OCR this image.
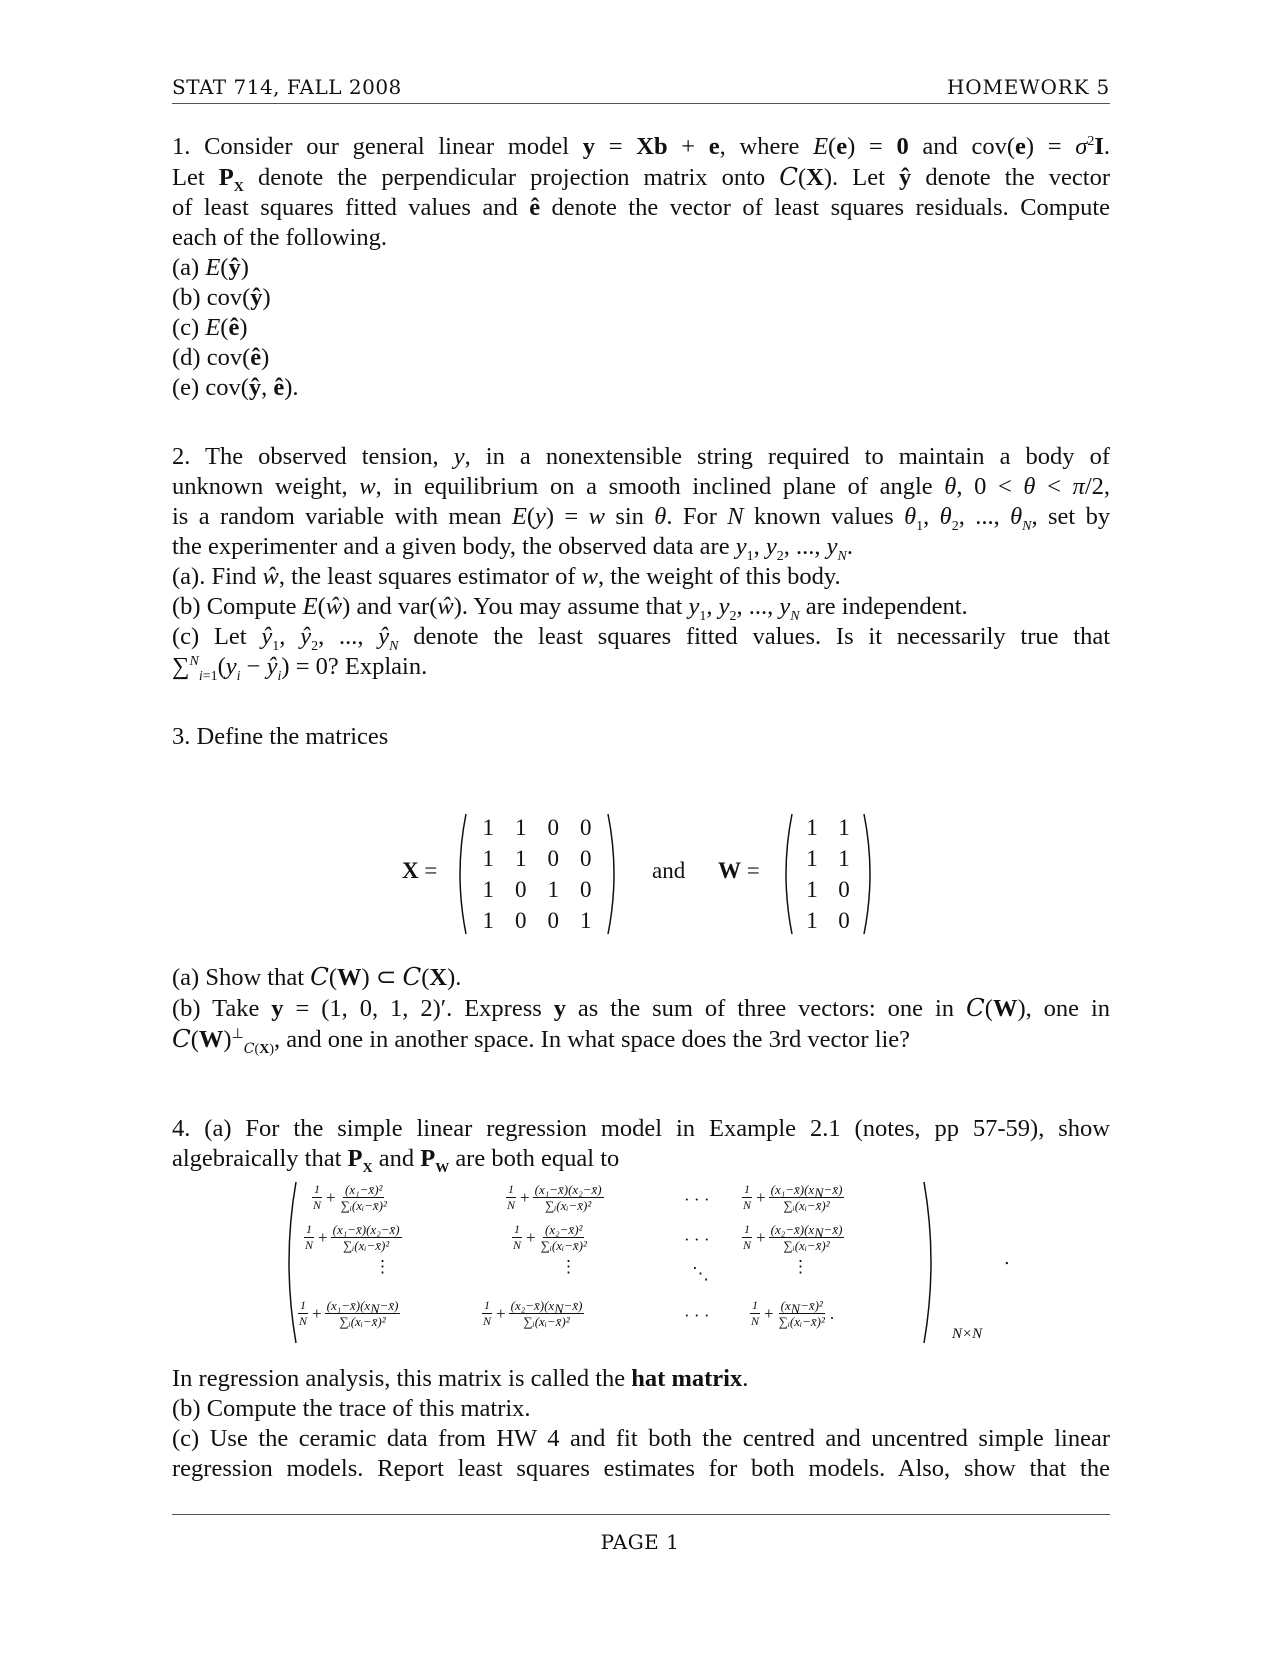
STAT 714, FALL 2008	HOMEWORK 5

1. Consider our general linear model y = Xb + e, where E(e) = 0 and $cov(e) = \sigma^2I$.

Let $P_X$ denote the perpendicular projection matrix onto C(X). Let ŷ denote the vector

of least squares fitted values and ê denote the vector of least squares residuals. Compute

each of the following.

(a) E(ŷ)

(b) cov(ŷ)

(c) E(ê)

(d) cov(ê)

(e) cov(ŷ, ê).

2. The observed tension, y, in a nonextensible string required to maintain a body of

unknown weight, w, in equilibrium on a smooth inclined plane of angle θ, 0 < θ < π/2,

is a random variable with mean E(y) = w sin θ. For N known values $\theta_1$, $\theta_2$, ..., $\theta_N$, set by

the experimenter and a given body, the observed data are $y_1$, $y_2$, ..., $y_N$.

(a). Find ŵ, the least squares estimator of w, the weight of this body.

(b) Compute E(ŵ) and var(ŵ). You may assume that $y_1$, $y_2$, ..., $y_N$ are independent.

(c) Let $ŷ_1$, $ŷ_2$, ..., $ŷ_N$ denote the least squares fitted values. Is it necessarily true that

$\sum^N_{i=1}(y_i$ − $ŷ_i) = 0$? Explain.

3. Define the matrices

X =
1 1 0 0
1 1 0 0
1 0 1 0
1 0 0 1
and W =
1 1
1 1
1 0
1 0

(a) Show that C(W) ⊂ C(X).

(b) Take y = (1, 0, 1, 2)′. Express y as the sum of three vectors: one in C(W), one in

$C(W)^\perp_{C(X)}$, and one in another space. In what space does the 3rd vector lie?

4. (a) For the simple linear regression model in Example 2.1 (notes, pp 57-59), show

algebraically that $P_X$ and $P_W$ are both equal to

$\frac{1}{N} + \frac{\text{(x₁−x̄)²}}{\text{∑ᵢ(xᵢ−x̄)²}}$	$\frac{1}{N} + \frac{\text{(x₁−x̄)(x₂−x̄)}}{\text{∑ᵢ(xᵢ−x̄)²}}$	· · ·	$\frac{1}{N} + \frac{(x_1-x̄)(x_N-x̄)}{\text{∑ᵢ(xᵢ−x̄)²}}$
$\frac{1}{N} + \frac{\text{(x₁−x̄)(x₂−x̄)}}{\text{∑ᵢ(xᵢ−x̄)²}}$	$\frac{1}{N} + \frac{\text{(x₂−x̄)²}}{\text{∑ᵢ(xᵢ−x̄)²}}$	· · ·	$\frac{1}{N} + \frac{(x_2-x̄)(x_N-x̄)}{\text{∑ᵢ(xᵢ−x̄)²}}$
⋮	⋮	⋱	⋮
$\frac{1}{N} + \frac{(x_1-x̄)(x_N-x̄)}{\text{∑ᵢ(xᵢ−x̄)²}}$	$\frac{1}{N} + \frac{(x_2-x̄)(x_N-x̄)}{\text{∑ᵢ(xᵢ−x̄)²}}$	· · ·	$\frac{1}{N} + \frac{(x_N-x̄)^2}{\text{∑ᵢ(xᵢ−x̄)²}}$ .
N×N
.

In regression analysis, this matrix is called the hat matrix.

(b) Compute the trace of this matrix.

(c) Use the ceramic data from HW 4 and fit both the centred and uncentred simple linear

regression models. Report least squares estimates for both models. Also, show that the

PAGE 1
